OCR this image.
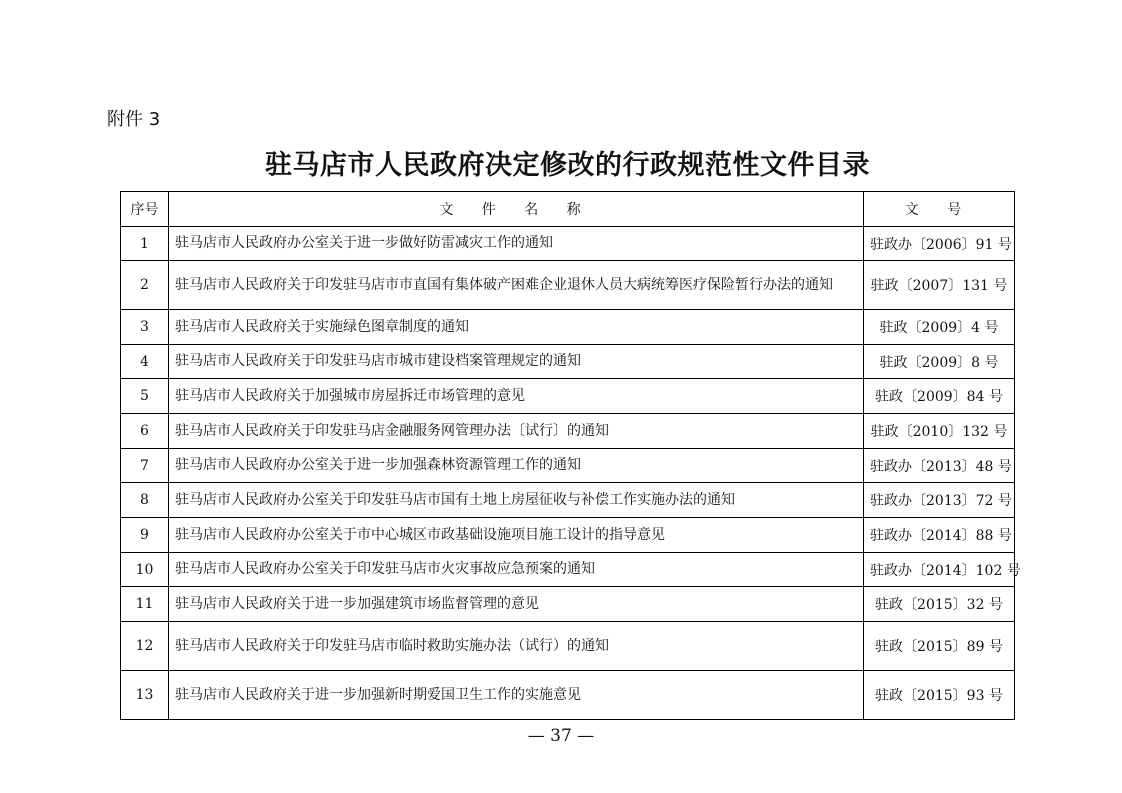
附件 3
驻马店市人民政府决定修改的行政规范性文件目录
序号	文 件 名 称	文 号
1	驻马店市人民政府办公室关于进一步做好防雷减灾工作的通知	驻政办〔2006〕91 号
2	驻马店市人民政府关于印发驻马店市市直国有集体破产困难企业退休人员大病统筹医疗保险暂行办法的通知	驻政〔2007〕131 号
3	驻马店市人民政府关于实施绿色图章制度的通知	驻政〔2009〕4 号
4	驻马店市人民政府关于印发驻马店市城市建设档案管理规定的通知	驻政〔2009〕8 号
5	驻马店市人民政府关于加强城市房屋拆迁市场管理的意见	驻政〔2009〕84 号
6	驻马店市人民政府关于印发驻马店金融服务网管理办法〔试行〕的通知	驻政〔2010〕132 号
7	驻马店市人民政府办公室关于进一步加强森林资源管理工作的通知	驻政办〔2013〕48 号
8	驻马店市人民政府办公室关于印发驻马店市国有土地上房屋征收与补偿工作实施办法的通知	驻政办〔2013〕72 号
9	驻马店市人民政府办公室关于市中心城区市政基础设施项目施工设计的指导意见	驻政办〔2014〕88 号
10	驻马店市人民政府办公室关于印发驻马店市火灾事故应急预案的通知	驻政办〔2014〕102 号
11	驻马店市人民政府关于进一步加强建筑市场监督管理的意见	驻政〔2015〕32 号
12	驻马店市人民政府关于印发驻马店市临时救助实施办法（试行）的通知	驻政〔2015〕89 号
13	驻马店市人民政府关于进一步加强新时期爱国卫生工作的实施意见	驻政〔2015〕93 号
— 37 —
